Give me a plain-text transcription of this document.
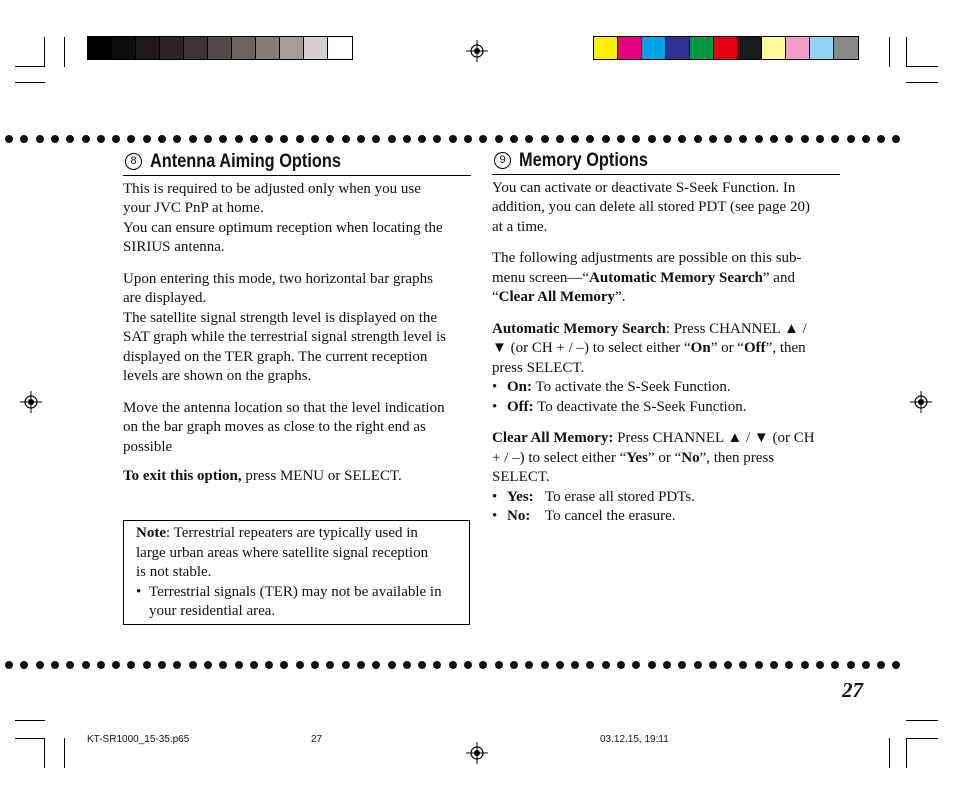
8 Antenna Aiming Options

This is required to be adjusted only when you use
your JVC PnP at home.

You can ensure optimum reception when locating the
SIRIUS antenna.

Upon entering this mode, two horizontal bar graphs
are displayed.

The satellite signal strength level is displayed on the
SAT graph while the terrestrial signal strength level is
displayed on the TER graph. The current reception
levels are shown on the graphs.

Move the antenna location so that the level indication
on the bar graph moves as close to the right end as
possible

To exit this option, press MENU or SELECT.

Note: Terrestrial repeaters are typically used in
large urban areas where satellite signal reception
is not stable.

• Terrestrial signals (TER) may not be available in
your residential area.
9 Memory Options

You can activate or deactivate S-Seek Function. In
addition, you can delete all stored PDT (see page 20)
at a time.

The following adjustments are possible on this sub-
menu screen—“Automatic Memory Search” and
“Clear All Memory”.

Automatic Memory Search: Press CHANNEL ▲ /
▼ (or CH + / –) to select either “On” or “Off”, then
press SELECT.

• On: To activate the S-Seek Function.
• Off: To deactivate the S-Seek Function.

Clear All Memory: Press CHANNEL ▲ / ▼ (or CH
+ / –) to select either “Yes” or “No”, then press
SELECT.

• Yes: To erase all stored PDTs.
• No: To cancel the erasure.
27
KT-SR1000_15-35.p65	27	03.12.15, 19:11
